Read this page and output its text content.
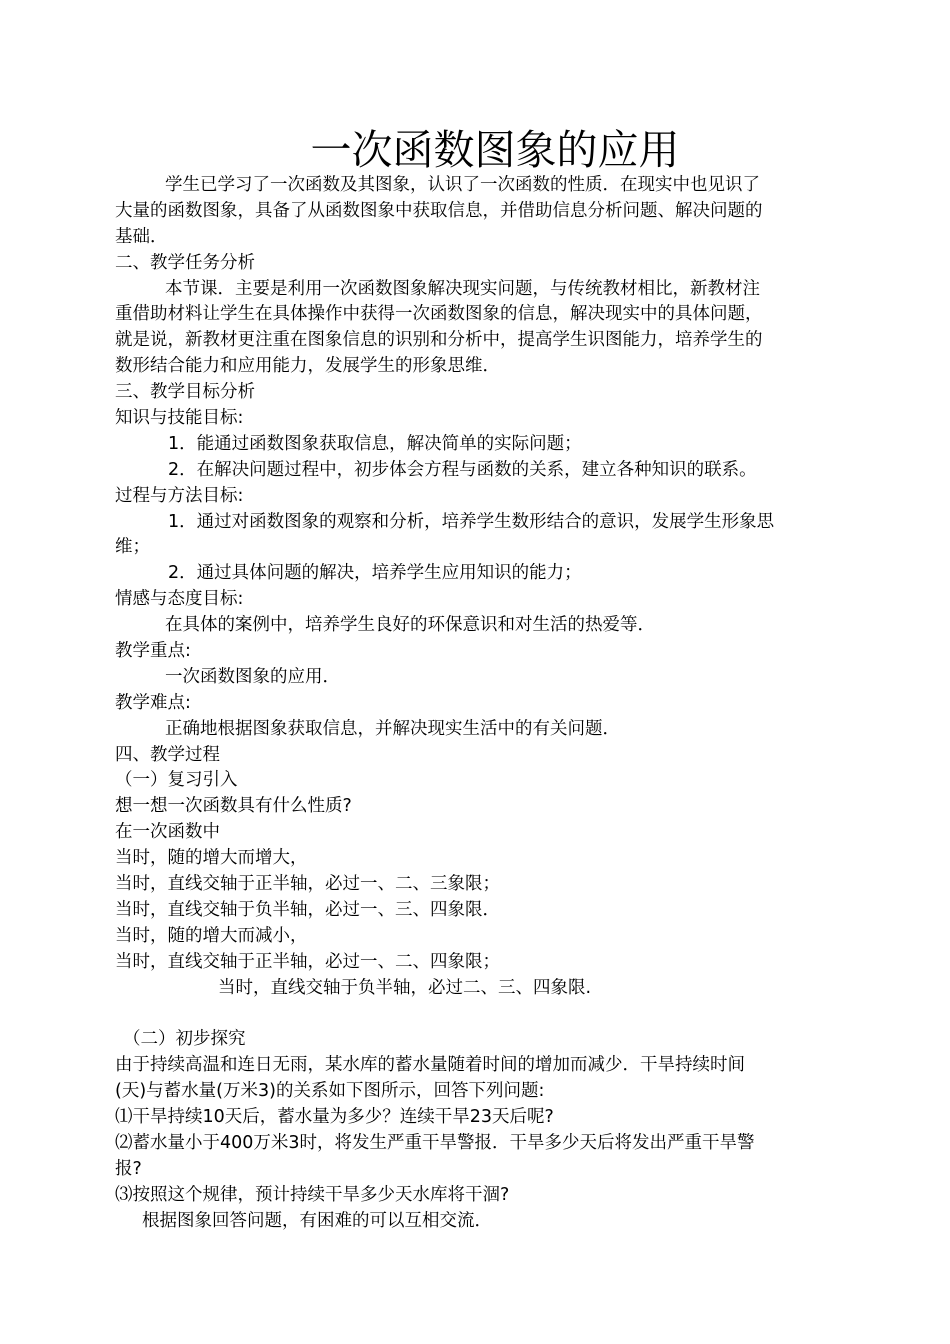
一次函数图象的应用
学生已学习了一次函数及其图象，认识了一次函数的性质．在现实中也见识了
大量的函数图象，具备了从函数图象中获取信息，并借助信息分析问题、解决问题的
基础．
二、教学任务分析
本节课．主要是利用一次函数图象解决现实问题，与传统教材相比，新教材注
重借助材料让学生在具体操作中获得一次函数图象的信息，解决现实中的具体问题，
就是说，新教材更注重在图象信息的识别和分析中，提高学生识图能力，培养学生的
数形结合能力和应用能力，发展学生的形象思维．
三、教学目标分析
知识与技能目标:
1．能通过函数图象获取信息，解决简单的实际问题；
2．在解决问题过程中，初步体会方程与函数的关系，建立各种知识的联系。
过程与方法目标:
1．通过对函数图象的观察和分析，培养学生数形结合的意识，发展学生形象思
维；
2．通过具体问题的解决，培养学生应用知识的能力；
情感与态度目标:
在具体的案例中，培养学生良好的环保意识和对生活的热爱等．
教学重点:
一次函数图象的应用．
教学难点:
正确地根据图象获取信息，并解决现实生活中的有关问题．
四、教学过程
（一）复习引入
想一想一次函数具有什么性质?
在一次函数中
当时，随的增大而增大，
当时，直线交轴于正半轴，必过一、二、三象限；
当时，直线交轴于负半轴，必过一、三、四象限．
当时，随的增大而减小，
当时，直线交轴于正半轴，必过一、二、四象限；
当时，直线交轴于负半轴，必过二、三、四象限.
（二）初步探究
由于持续高温和连日无雨，某水库的蓄水量随着时间的增加而减少．干旱持续时间
(天)与蓄水量(万米3)的关系如下图所示，回答下列问题:
⑴干旱持续10天后，蓄水量为多少？连续干旱23天后呢?
⑵蓄水量小于400万米3时，将发生严重干旱警报．干旱多少天后将发出严重干旱警
报?
⑶按照这个规律，预计持续干旱多少天水库将干涸?
根据图象回答问题，有困难的可以互相交流．
